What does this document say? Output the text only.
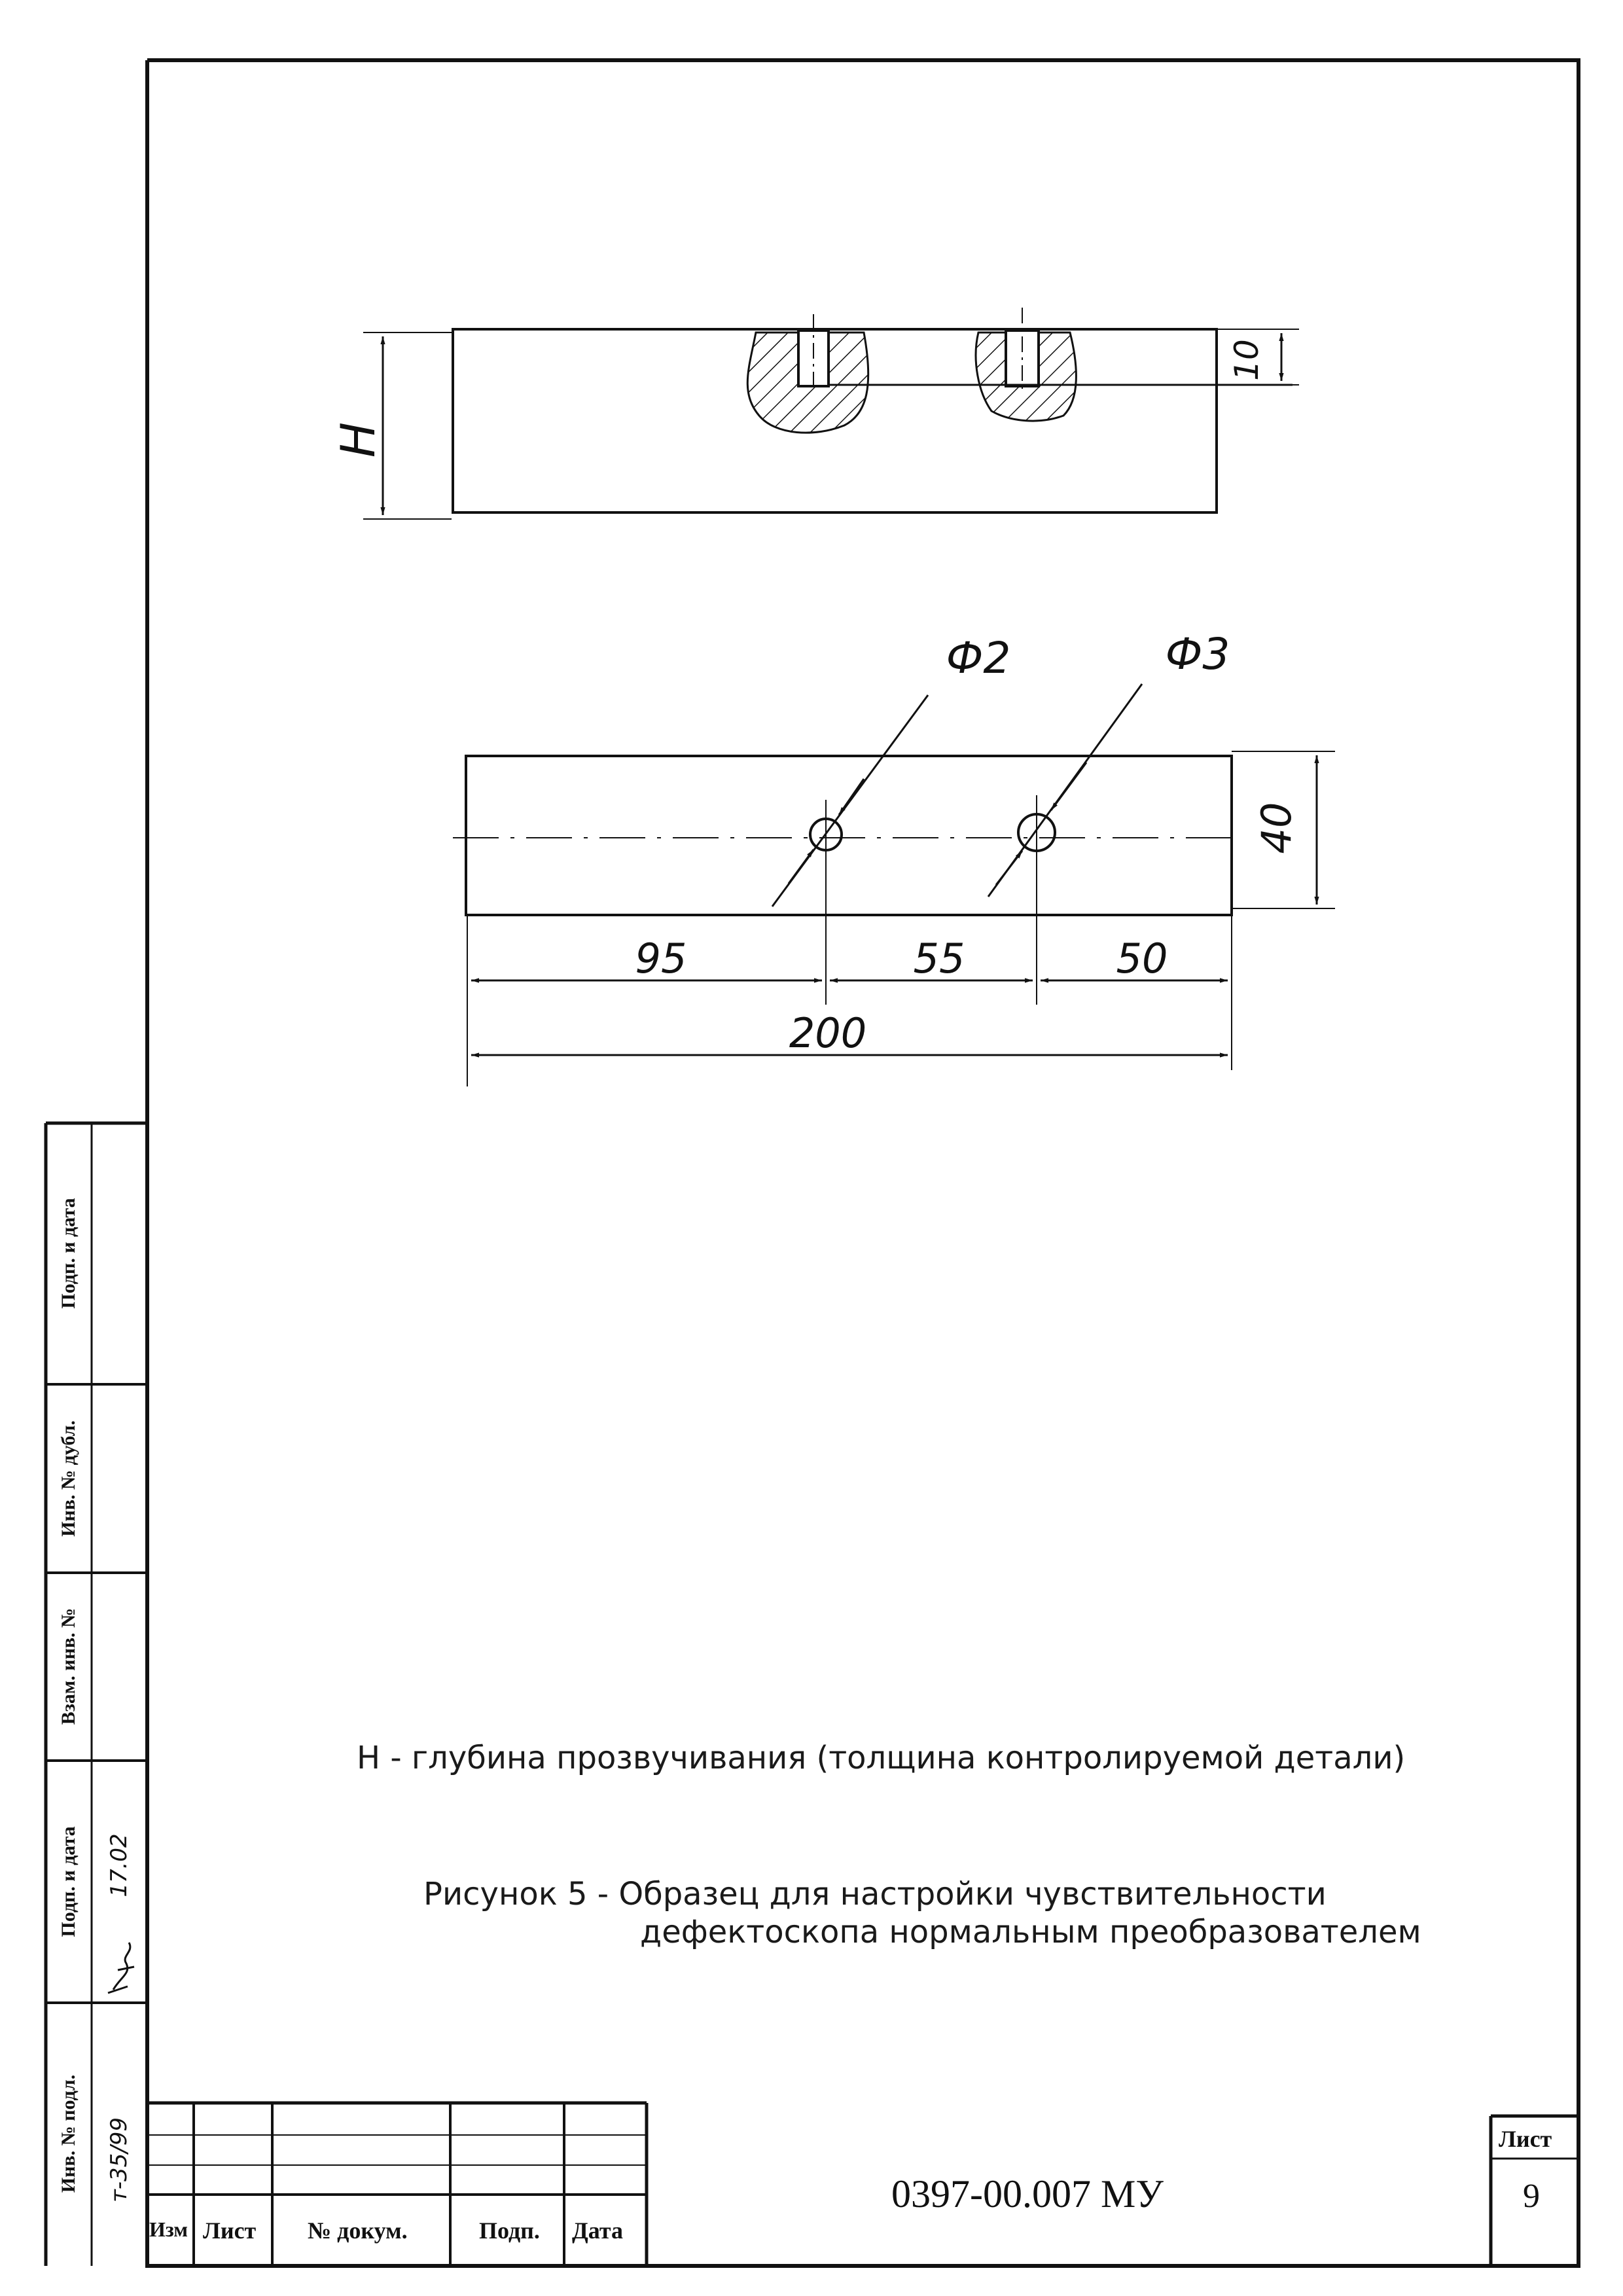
H
10
Ф2	Ф3
40
95	55	50
200
Н - глубина прозвучивания (толщина контролируемой детали)
Рисунок 5 - Образец для настройки чувствительности
дефектоскопа нормальным преобразователем
Инв. № подл.
Подп. и дата
Взам. инв. №
Инв. № дубл.
Подп. и дата
т-35/99
17.02
Изм Лист № докум.	Подп. Дата
0397-00.007 МУ
Лист
9
